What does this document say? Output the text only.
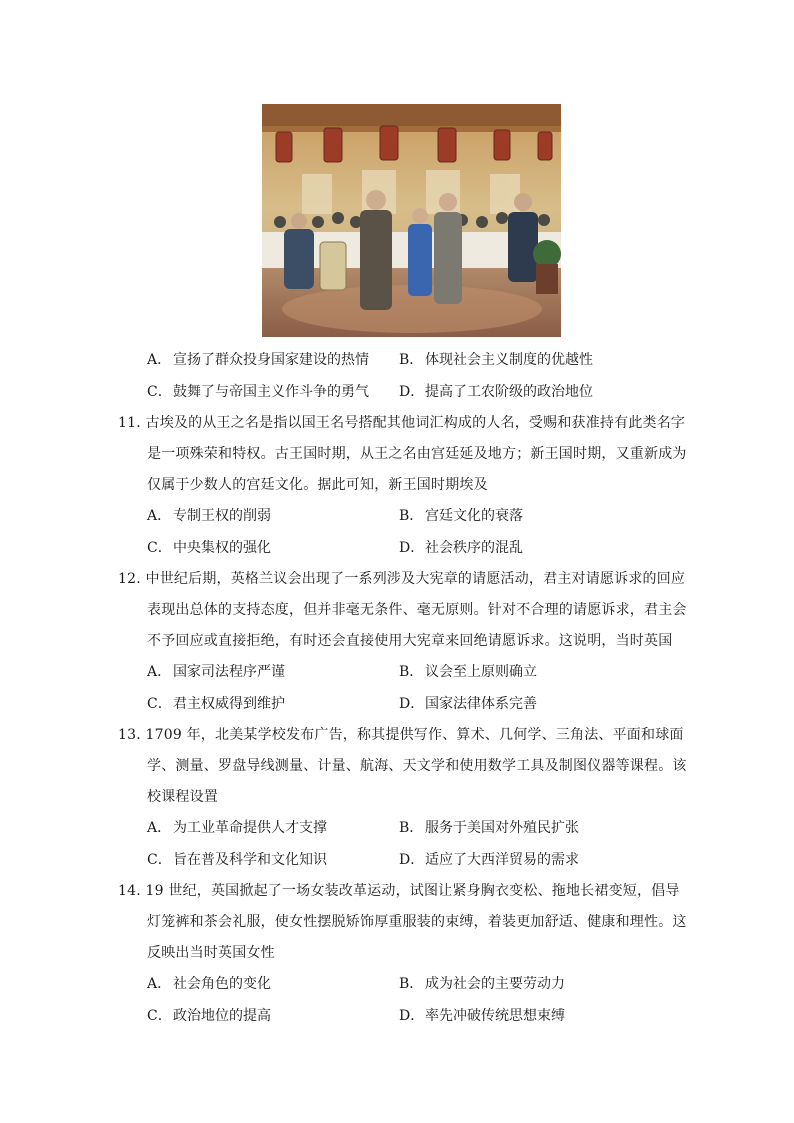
A． 宣扬了群众投身国家建设的热情 B． 体现社会主义制度的优越性
C．鼓舞了与帝国主义作斗争的勇气 D．提高了工农阶级的政治地位
11. 古埃及的从王之名是指以国王名号搭配其他词汇构成的人名，受赐和获准持有此类名字
是一项殊荣和特权。古王国时期，从王之名由宫廷延及地方；新王国时期，又重新成为
仅属于少数人的宫廷文化。据此可知，新王国时期埃及
A． 专制王权的削弱	B． 宫廷文化的衰落
C．中央集权的强化	D．社会秩序的混乱
12. 中世纪后期，英格兰议会出现了一系列涉及大宪章的请愿活动，君主对请愿诉求的回应
表现出总体的支持态度，但并非毫无条件、毫无原则。针对不合理的请愿诉求，君主会
不予回应或直接拒绝，有时还会直接使用大宪章来回绝请愿诉求。这说明，当时英国
A． 国家司法程序严谨	B． 议会至上原则确立
C．君主权威得到维护	D．国家法律体系完善
13. 1709 年，北美某学校发布广告，称其提供写作、算术、几何学、三角法、平面和球面
学、测量、罗盘导线测量、计量、航海、天文学和使用数学工具及制图仪器等课程。该
校课程设置
A． 为工业革命提供人才支撑	B． 服务于美国对外殖民扩张
C．旨在普及科学和文化知识	D．适应了大西洋贸易的需求
14. 19 世纪，英国掀起了一场女装改革运动，试图让紧身胸衣变松、拖地长裙变短，倡导
灯笼裤和茶会礼服，使女性摆脱矫饰厚重服装的束缚，着装更加舒适、健康和理性。这
反映出当时英国女性
A． 社会角色的变化	B． 成为社会的主要劳动力
C．政治地位的提高	D．率先冲破传统思想束缚
